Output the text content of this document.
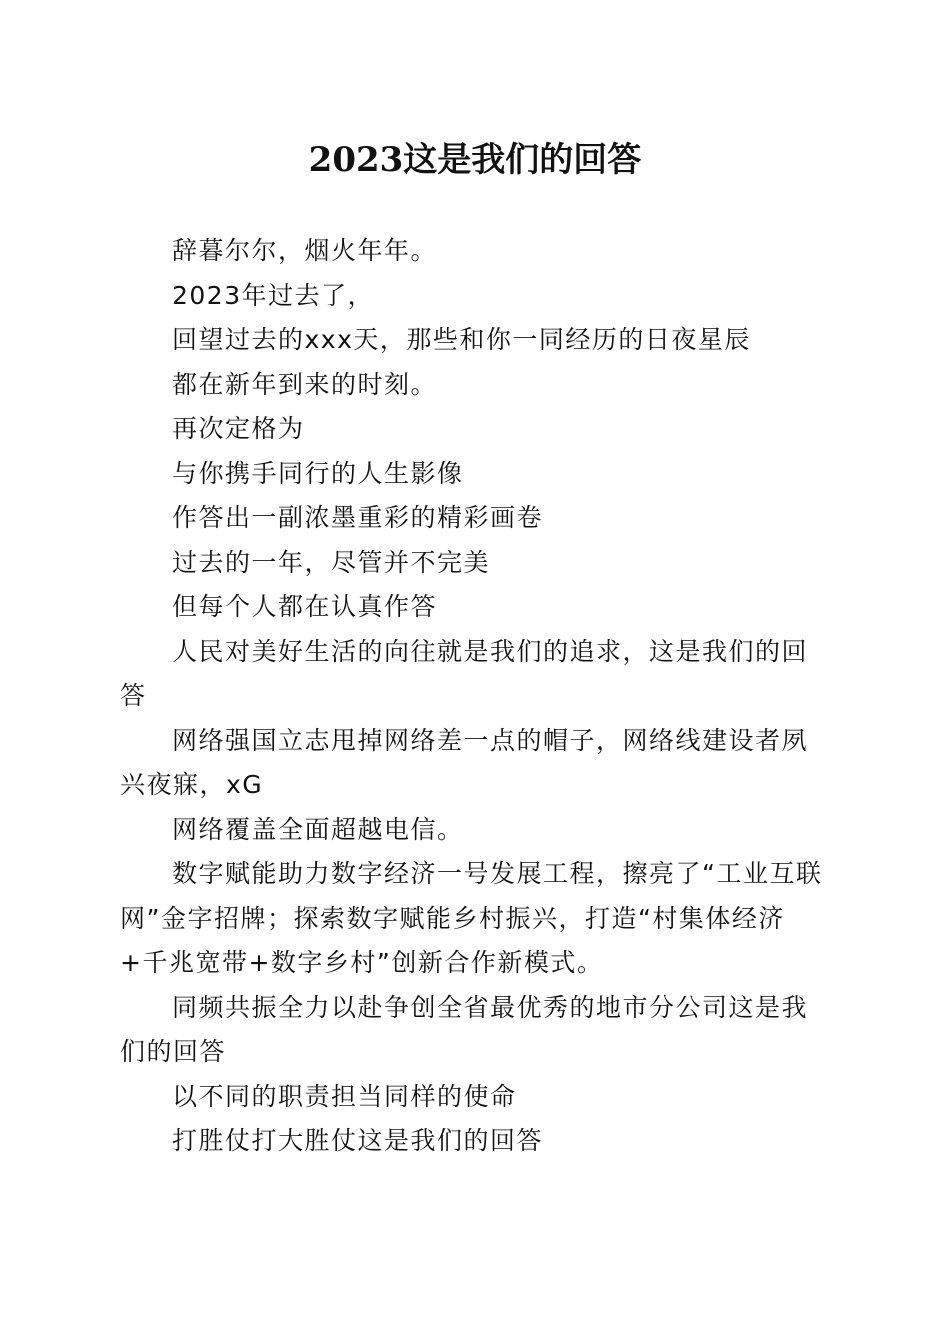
2023这是我们的回答

辞暮尔尔，烟火年年。

2023年过去了，

回望过去的xxx天，那些和你一同经历的日夜星辰

都在新年到来的时刻。

再次定格为

与你携手同行的人生影像

作答出一副浓墨重彩的精彩画卷

过去的一年，尽管并不完美

但每个人都在认真作答

人民对美好生活的向往就是我们的追求，这是我们的回答

网络强国立志甩掉网络差一点的帽子，网络线建设者夙兴夜寐，xG

网络覆盖全面超越电信。

数字赋能助力数字经济一号发展工程，擦亮了“工业互联网”金字招牌；探索数字赋能乡村振兴，打造“村集体经济+千兆宽带+数字乡村”创新合作新模式。

同频共振全力以赴争创全省最优秀的地市分公司这是我们的回答

以不同的职责担当同样的使命

打胜仗打大胜仗这是我们的回答
